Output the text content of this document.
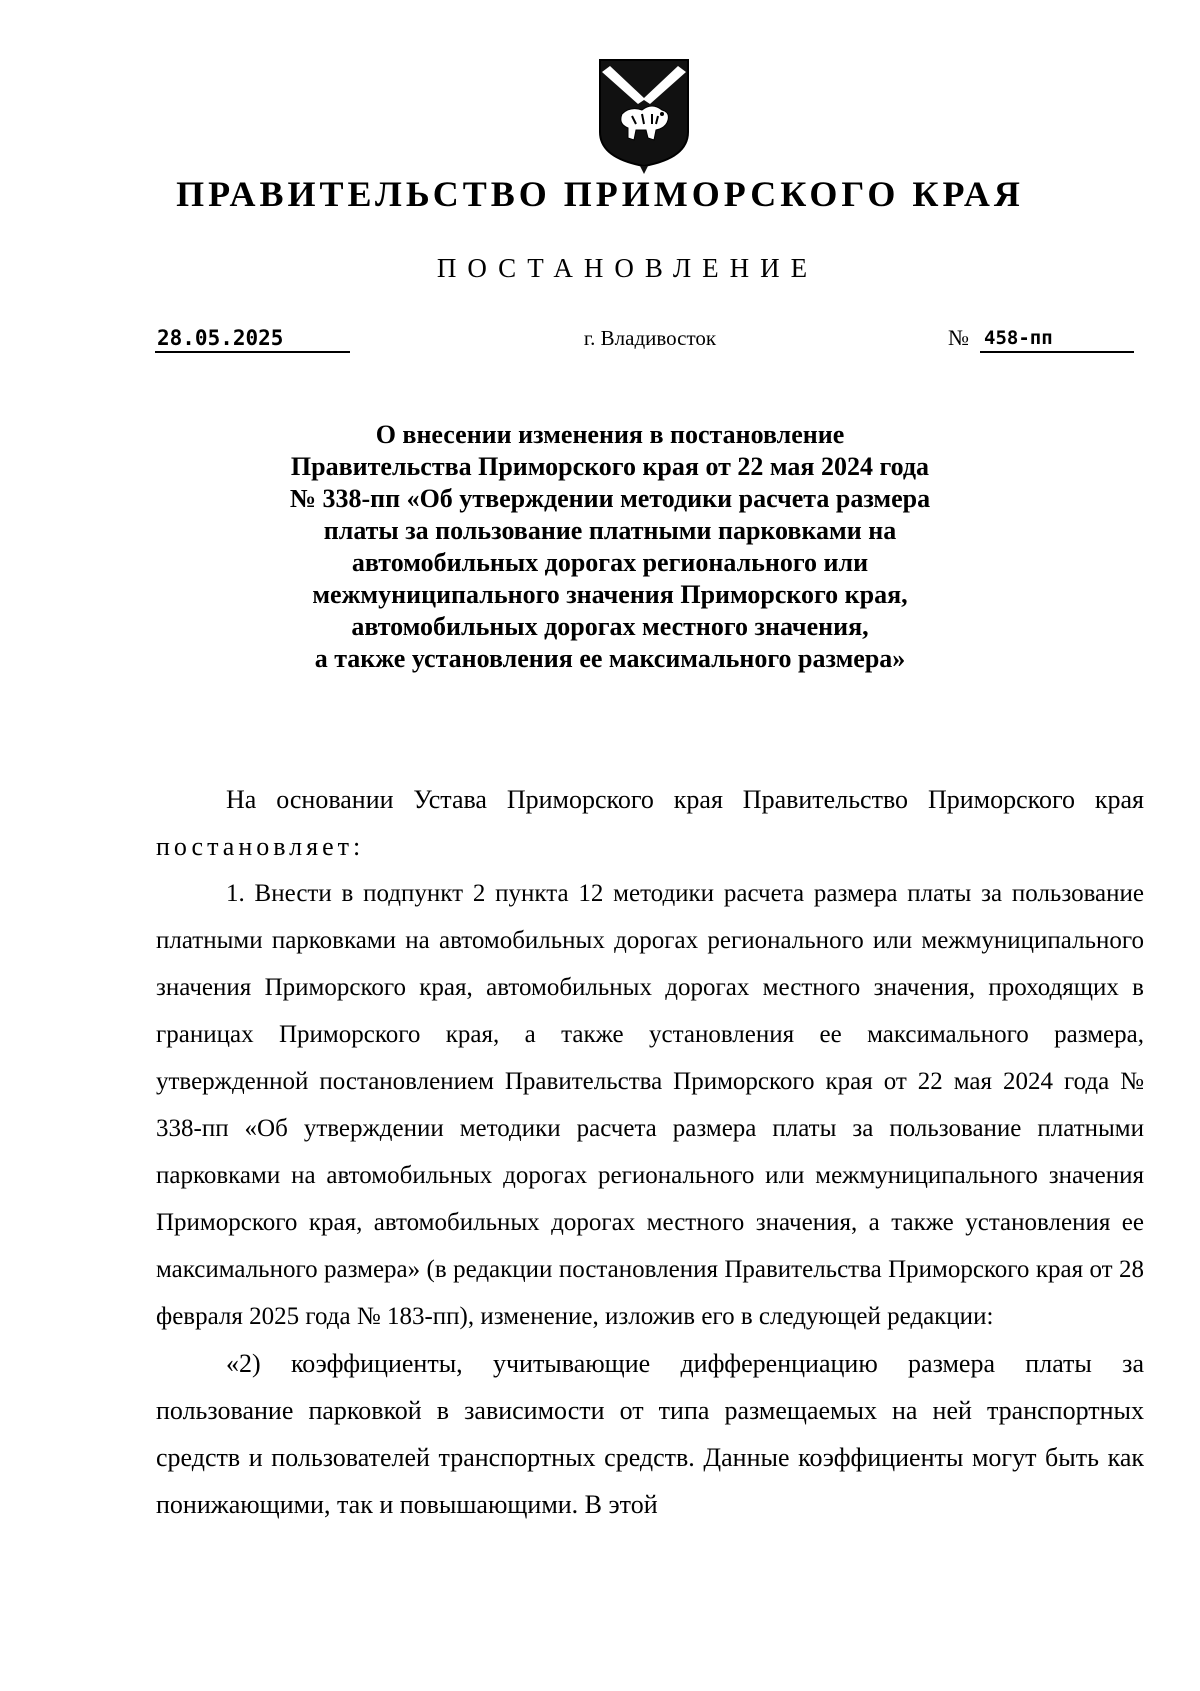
ПРАВИТЕЛЬСТВО ПРИМОРСКОГО КРАЯ
ПОСТАНОВЛЕНИЕ
28.05.2025	г. Владивосток	№ 458-пп
О внесении изменения в постановление
Правительства Приморского края от 22 мая 2024 года
№ 338-пп «Об утверждении методики расчета размера
платы за пользование платными парковками на
автомобильных дорогах регионального или
межмуниципального значения Приморского края,
автомобильных дорогах местного значения,
а также установления ее максимального размера»

На основании Устава Приморского края Правительство Приморского края постановляет:

1. Внести в подпункт 2 пункта 12 методики расчета размера платы за пользование платными парковками на автомобильных дорогах регионального или межмуниципального значения Приморского края, автомобильных дорогах местного значения, проходящих в границах Приморского края, а также установления ее максимального размера, утвержденной постановлением Правительства Приморского края от 22 мая 2024 года № 338-пп «Об утверждении методики расчета размера платы за пользование платными парковками на автомобильных дорогах регионального или межмуниципального значения Приморского края, автомобильных дорогах местного значения, а также установления ее максимального размера» (в редакции постановления Правительства Приморского края от 28 февраля 2025 года № 183-пп), изменение, изложив его в следующей редакции:

«2) коэффициенты, учитывающие дифференциацию размера платы за пользование парковкой в зависимости от типа размещаемых на ней транспортных средств и пользователей транспортных средств. Данные коэффициенты могут быть как понижающими, так и повышающими. В этой
